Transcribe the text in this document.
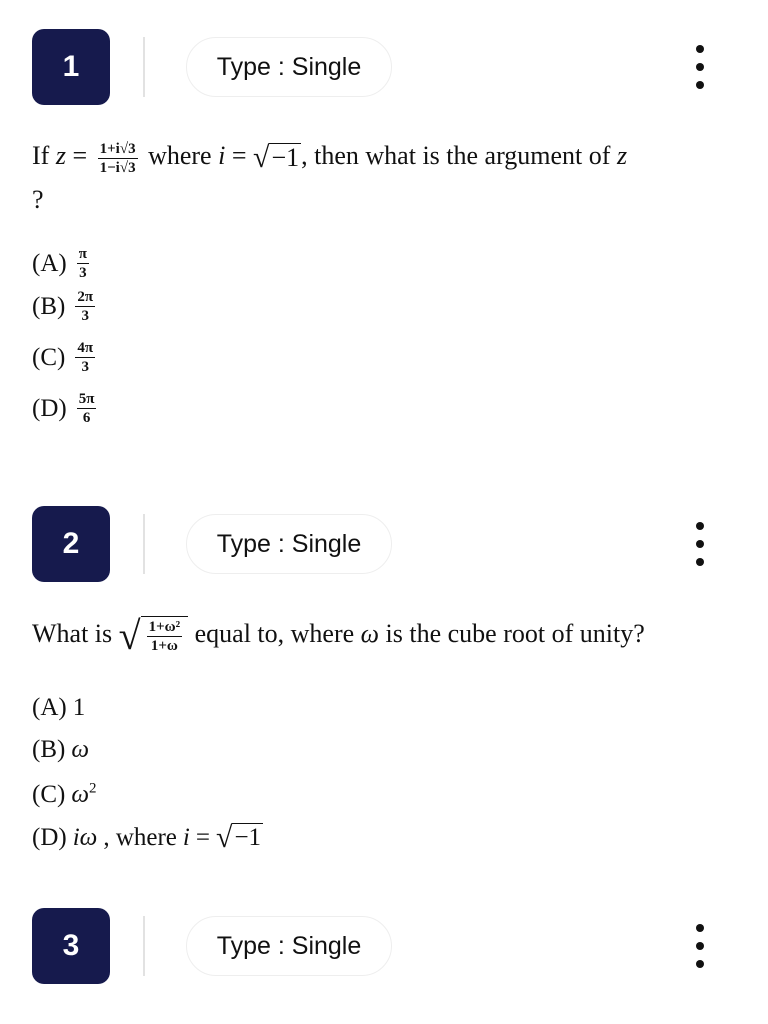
1	Type : Single
If $z = \frac{1+i√3}{1-i√3}$ where i = √ −1 , then what is the argument of z
?
$(A) \frac{\pi}{3}$
$(B) \frac{2\pi}{3}$
$(C) \frac{4\pi}{3}$
$(D) \frac{5\pi}{6}$
2	Type : Single
What is √ $\frac{\text{1+ω²}}{1+\omega}$ equal to, where ω is the cube root of unity?
(A) 1
(B) ω
(C) $\omega^2$
(D) iω , where i = √ −1
3	Type : Single
